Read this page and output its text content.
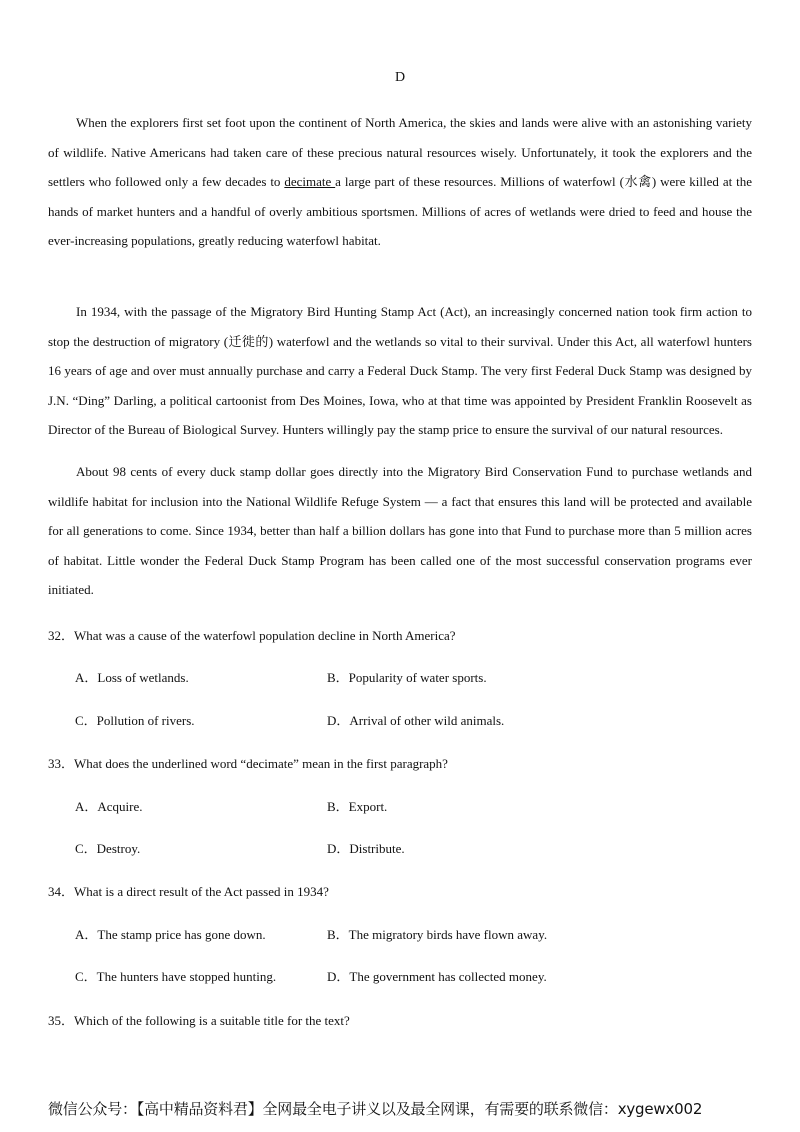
D

When the explorers first set foot upon the continent of North America, the skies and lands were alive with an astonishing variety of wildlife. Native Americans had taken care of these precious natural resources wisely. Unfortunately, it took the explorers and the settlers who followed only a few decades to decimate a large part of these resources. Millions of waterfowl (水禽) were killed at the hands of market hunters and a handful of overly ambitious sportsmen. Millions of acres of wetlands were dried to feed and house the ever-increasing populations, greatly reducing waterfowl habitat.

In 1934, with the passage of the Migratory Bird Hunting Stamp Act (Act), an increasingly concerned nation took firm action to stop the destruction of migratory (迁徙的) waterfowl and the wetlands so vital to their survival. Under this Act, all waterfowl hunters 16 years of age and over must annually purchase and carry a Federal Duck Stamp. The very first Federal Duck Stamp was designed by J.N. “Ding” Darling, a political cartoonist from Des Moines, Iowa, who at that time was appointed by President Franklin Roosevelt as Director of the Bureau of Biological Survey. Hunters willingly pay the stamp price to ensure the survival of our natural resources.

About 98 cents of every duck stamp dollar goes directly into the Migratory Bird Conservation Fund to purchase wetlands and wildlife habitat for inclusion into the National Wildlife Refuge System — a fact that ensures this land will be protected and available for all generations to come. Since 1934, better than half a billion dollars has gone into that Fund to purchase more than 5 million acres of habitat. Little wonder the Federal Duck Stamp Program has been called one of the most successful conservation programs ever initiated.

32．What was a cause of the waterfowl population decline in North America?

A．Loss of wetlands.	B．Popularity of water sports.
C．Pollution of rivers.	D．Arrival of other wild animals.

33．What does the underlined word “decimate” mean in the first paragraph?

A．Acquire.	B．Export.
C．Destroy.	D．Distribute.

34．What is a direct result of the Act passed in 1934?

A．The stamp price has gone down.	B．The migratory birds have flown away.
C．The hunters have stopped hunting.	D．The government has collected money.

35．Which of the following is a suitable title for the text?

微信公众号：【高中精品资料君】全网最全电子讲义以及最全网课，有需要的联系微信：xygewx002
